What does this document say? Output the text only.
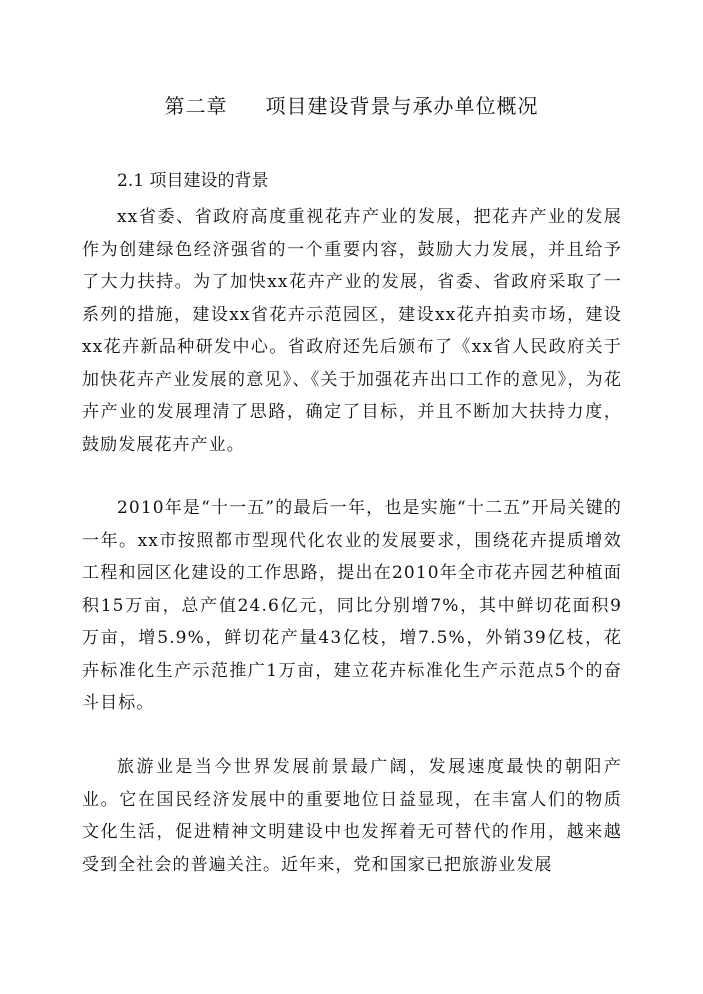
第二章 项目建设背景与承办单位概况
2.1 项目建设的背景

xx省委、省政府高度重视花卉产业的发展，把花卉产业的发展作为创建绿色经济强省的一个重要内容，鼓励大力发展，并且给予了大力扶持。为了加快xx花卉产业的发展，省委、省政府采取了一系列的措施，建设xx省花卉示范园区，建设xx花卉拍卖市场，建设xx花卉新品种研发中心。省政府还先后颁布了《xx省人民政府关于加快花卉产业发展的意见》、《关于加强花卉出口工作的意见》，为花卉产业的发展理清了思路，确定了目标，并且不断加大扶持力度，鼓励发展花卉产业。

2010年是“十一五”的最后一年，也是实施“十二五”开局关键的一年。xx市按照都市型现代化农业的发展要求，围绕花卉提质增效工程和园区化建设的工作思路，提出在2010年全市花卉园艺种植面积15万亩，总产值24.6亿元，同比分别增7%，其中鲜切花面积9万亩，增5.9%，鲜切花产量43亿枝，增7.5%，外销39亿枝，花卉标准化生产示范推广1万亩，建立花卉标准化生产示范点5个的奋斗目标。

旅游业是当今世界发展前景最广阔，发展速度最快的朝阳产业。它在国民经济发展中的重要地位日益显现，在丰富人们的物质文化生活，促进精神文明建设中也发挥着无可替代的作用，越来越受到全社会的普遍关注。近年来，党和国家已把旅游业发展
